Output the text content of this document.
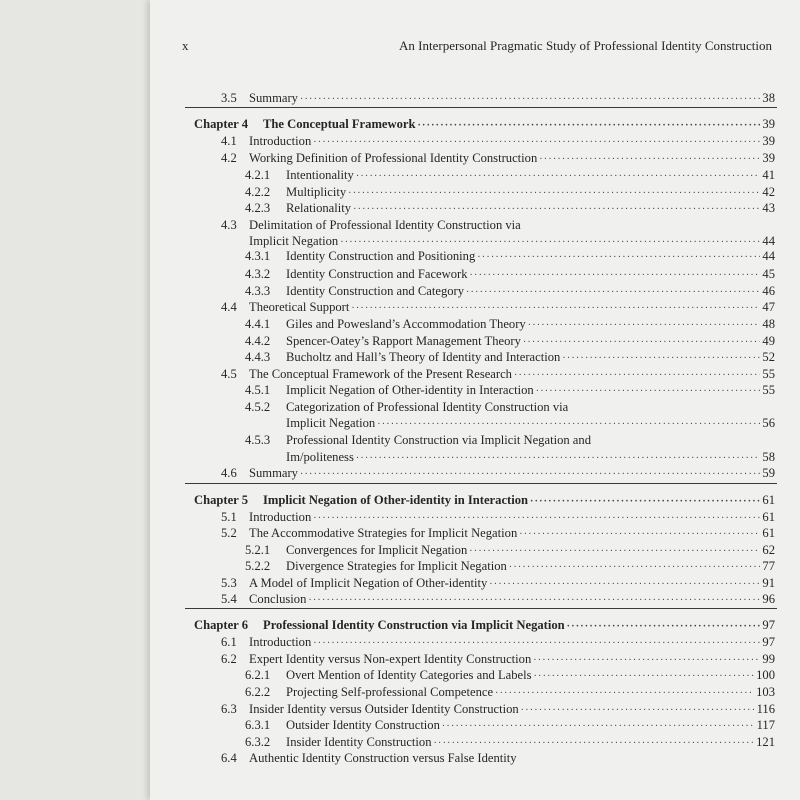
x	An Interpersonal Pragmatic Study of Professional Identity Construction
3.5 Summary ·····	38
Chapter 4 The Conceptual Framework ·····	39
4.1 Introduction ·····	39
4.2 Working Definition of Professional Identity Construction ·····	39
4.2.1 Intentionality ·····	41
4.2.2 Multiplicity ·····	42
4.2.3 Relationality ·····	43
4.3 Delimitation of Professional Identity Construction via
Implicit Negation ·····	44
4.3.1 Identity Construction and Positioning ·····	44
4.3.2 Identity Construction and Facework ·····	45
4.3.3 Identity Construction and Category ·····	46
4.4 Theoretical Support ·····	47
4.4.1 Giles and Powesland’s Accommodation Theory ·····	48
4.4.2 Spencer-Oatey’s Rapport Management Theory ·····	49
4.4.3 Bucholtz and Hall’s Theory of Identity and Interaction ·····	52
4.5 The Conceptual Framework of the Present Research ·····	55
4.5.1 Implicit Negation of Other-identity in Interaction ·····	55
4.5.2 Categorization of Professional Identity Construction via
Implicit Negation ·····	56
4.5.3 Professional Identity Construction via Implicit Negation and
Im/politeness ·····	58
4.6 Summary ·····	59
Chapter 5 Implicit Negation of Other-identity in Interaction ·····	61
5.1 Introduction ·····	61
5.2 The Accommodative Strategies for Implicit Negation ·····	61
5.2.1 Convergences for Implicit Negation ·····	62
5.2.2 Divergence Strategies for Implicit Negation ·····	77
5.3 A Model of Implicit Negation of Other-identity ·····	91
5.4 Conclusion ·····	96
Chapter 6 Professional Identity Construction via Implicit Negation ·····	97
6.1 Introduction ·····	97
6.2 Expert Identity versus Non-expert Identity Construction ·····	99
6.2.1 Overt Mention of Identity Categories and Labels ·····	100
6.2.2 Projecting Self-professional Competence ·····	103
6.3 Insider Identity versus Outsider Identity Construction ·····	116
6.3.1 Outsider Identity Construction ·····	117
6.3.2 Insider Identity Construction ·····	121
6.4 Authentic Identity Construction versus False Identity
